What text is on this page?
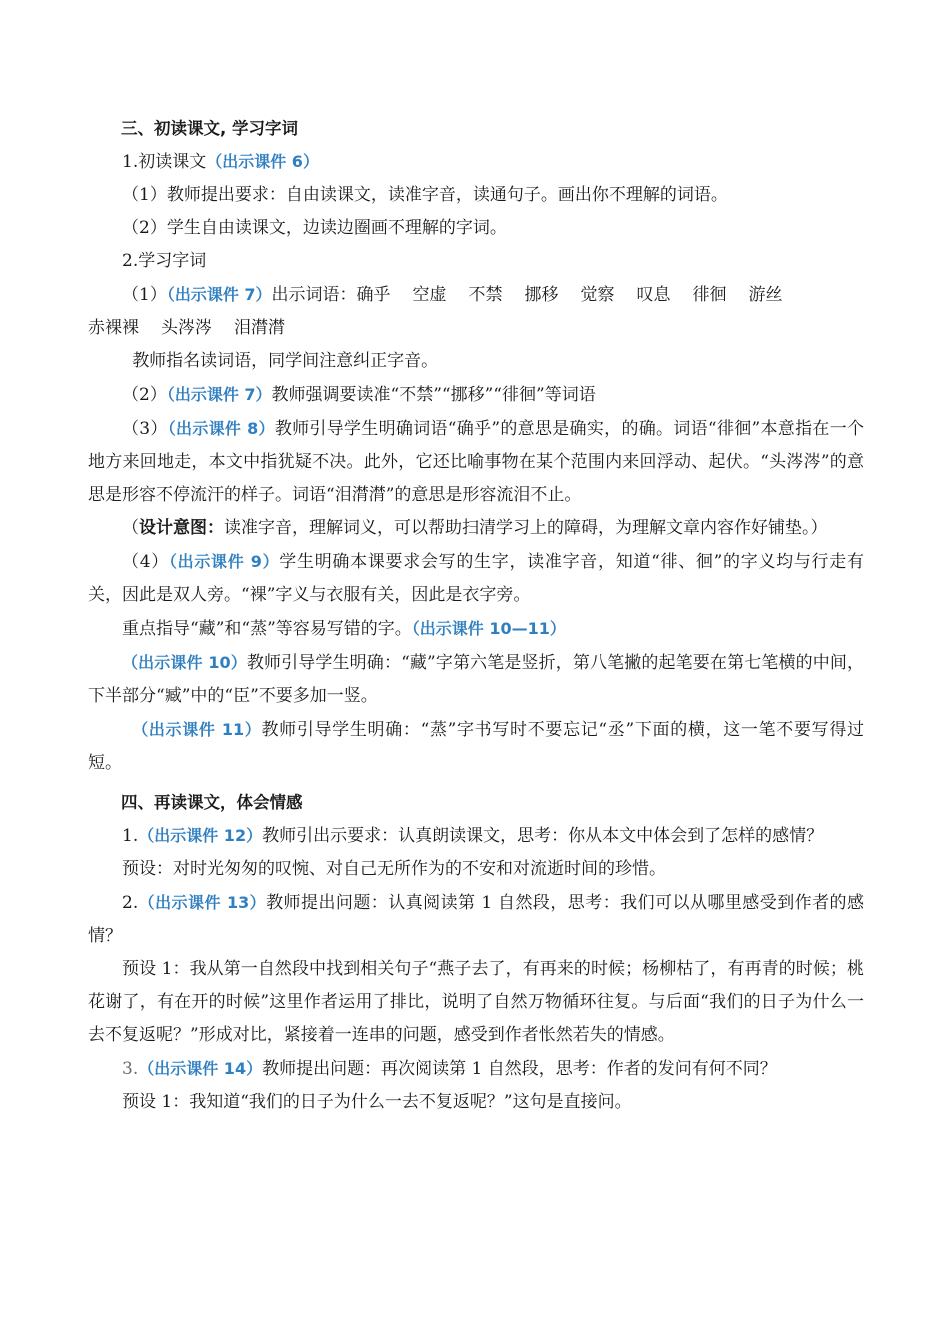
三、初读课文, 学习字词

1.初读课文（出示课件 6）

（1）教师提出要求：自由读课文，读准字音，读通句子。画出你不理解的词语。

（2）学生自由读课文，边读边圈画不理解的字词。

2.学习字词

（1）（出示课件 7）出示词语：确乎 空虚 不禁 挪移 觉察 叹息 徘徊 游丝

赤裸裸 头涔涔 泪潸潸

教师指名读词语，同学间注意纠正字音。

（2）（出示课件 7）教师强调要读准“不禁”“挪移”“徘徊”等词语

（3）（出示课件 8）教师引导学生明确词语“确乎”的意思是确实，的确。词语“徘徊”本意指在一个地方来回地走，本文中指犹疑不决。此外，它还比喻事物在某个范围内来回浮动、起伏。“头涔涔”的意思是形容不停流汗的样子。词语“泪潸潸”的意思是形容流泪不止。

（设计意图：读准字音，理解词义，可以帮助扫清学习上的障碍，为理解文章内容作好铺垫。）

（4）（出示课件 9）学生明确本课要求会写的生字，读准字音，知道“徘、徊”的字义均与行走有关，因此是双人旁。“裸”字义与衣服有关，因此是衣字旁。

重点指导“藏”和“蒸”等容易写错的字。（出示课件 10—11）

（出示课件 10）教师引导学生明确：“藏”字第六笔是竖折，第八笔撇的起笔要在第七笔横的中间，下半部分“臧”中的“臣”不要多加一竖。

（出示课件 11）教师引导学生明确：“蒸”字书写时不要忘记“丞”下面的横，这一笔不要写得过短。

四、再读课文，体会情感

1.（出示课件 12）教师引出示要求：认真朗读课文，思考：你从本文中体会到了怎样的感情？

预设：对时光匆匆的叹惋、对自己无所作为的不安和对流逝时间的珍惜。

2.（出示课件 13）教师提出问题：认真阅读第 1 自然段，思考：我们可以从哪里感受到作者的感情？

预设 1：我从第一自然段中找到相关句子“燕子去了，有再来的时候；杨柳枯了，有再青的时候；桃花谢了，有在开的时候”这里作者运用了排比，说明了自然万物循环往复。与后面“我们的日子为什么一去不复返呢？”形成对比，紧接着一连串的问题，感受到作者怅然若失的情感。

3.（出示课件 14）教师提出问题：再次阅读第 1 自然段，思考：作者的发问有何不同？

预设 1：我知道“我们的日子为什么一去不复返呢？”这句是直接问。
